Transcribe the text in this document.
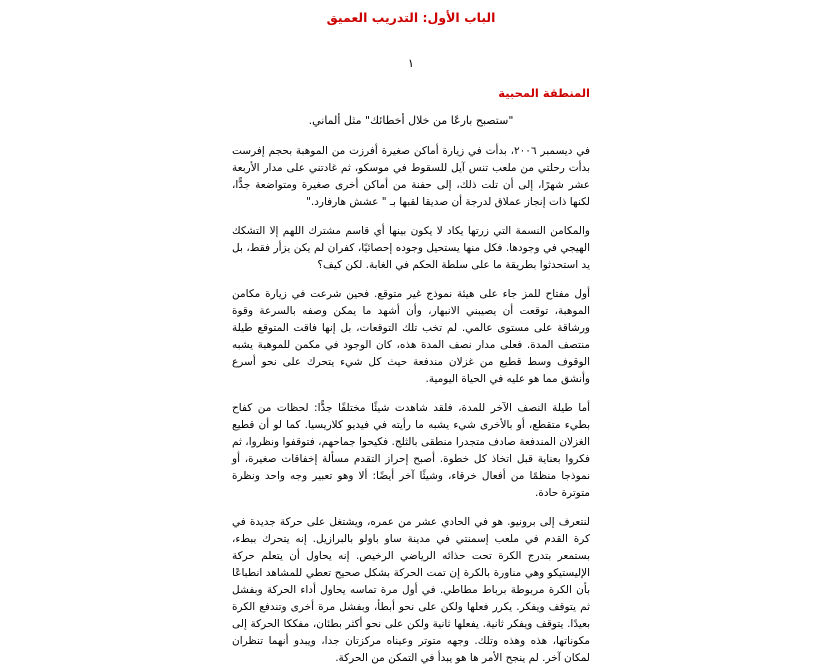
الباب الأول: التدريب العميق
١
المنطقة المحبية
"ستصبح بارعًا من خلال أخطائك" مثل ألماني.

في ديسمبر ٢٠٠٦، بدأت في زيارة أماكن صغيرة أفرزت من الموهبة بحجم إفرست بدأت رحلتي من ملعب تنس آيل للسقوط في موسكو، ثم غادتني على مدار الأربعة عشر شهرًا، إلى أن تلت ذلك، إلى حفنة من أماكن أخرى صغيرة ومتواضعة جدًّا، لكنها ذات إنجاز عملاق لدرجة أن صديقا لقبها بـ " عشش هارفارد."

والمكامن النسمة التي زرتها يكاد لا يكون بينها أي قاسم مشترك اللهم إلا التشكك الهيجي في وجودها. فكل منها يستحيل وجوده إحصائيًا، كفران لم يكن يزأر فقط، بل يد استحدثوا بطريقة ما على سلطة الحكم في الغابة. لكن كيف؟

أول مفتاح للمز جاء على هيئة نموذج غير متوقع. فحين شرعت في زيارة مكامن الموهبة، توقعت أن يصيبني الانبهار، وأن أشهد ما يمكن وصفه بالسرعة وقوة ورشاقة على مستوى عالمي. لم تخب تلك التوقعات، بل إنها فاقت المتوقع طيلة منتصف المدة. فعلى مدار نصف المدة هذه، كان الوجود في مكمن للموهبة يشبه الوقوف وسط قطيع من غزلان مندفعة حيث كل شيء يتحرك على نحو أسرع وأنشق مما هو عليه في الحياة اليومية.

أما طيلة النصف الآخر للمدة، فلقد شاهدت شيئًا مختلفًا جدًّا: لحظات من كفاح بطيء متقطع، أو بالأخرى شيء يشبه ما رأيته في فيديو كلاريسيا. كما لو أن قطيع الغزلان المندفعة صادف متجدرا منطقى بالثلج. فكيحوا جماحهم، فتوقفوا ونظروا، ثم فكروا بعناية قبل اتخاذ كل خطوة. أصبح إحراز التقدم مسألة إخفاقات صغيرة، أو نموذجا منظمًا من أفعال خرقاء، وشيئًا آخر أيضًا: ألا وهو تعبير وجه واحد ونظرة متوترة حادة.

لنتعرف إلى برونيو. هو في الحادي عشر من عمره، ويشتغل على حركة جديدة في كرة القدم في ملعب إسمنتي في مدينة ساو باولو بالبرازيل. إنه يتحرك ببطء، بستمعر بتدرج الكرة تحت حذائه الرياضي الرخيص. إنه يحاول أن يتعلم حركة الإليستيكو وهي مناورة بالكرة إن تمت الحركة بشكل صحيح تعطي للمشاهد انطباعًا بأن الكرة مربوطة برباط مطاطي. في أول مرة تماسه يحاول أداء الحركة وبفشل ثم يتوقف ويفكر. يكرر فعلها ولكن على نحو أبطأ، وبفشل مرة أخرى وتندفع الكرة بعيدًا. يتوقف ويفكر ثانية. يفعلها ثانية ولكن على نحو أكثر بطئان، مفككا الحركة إلى مكوناتها، هذه وهذه وتلك. وجهه متوتر وعيناه مركزتان جدا، ويبدو أنهما تنظران لمكان آخر. لم ينجح الأمر ها هو يبدأ في التمكن من الحركة.
